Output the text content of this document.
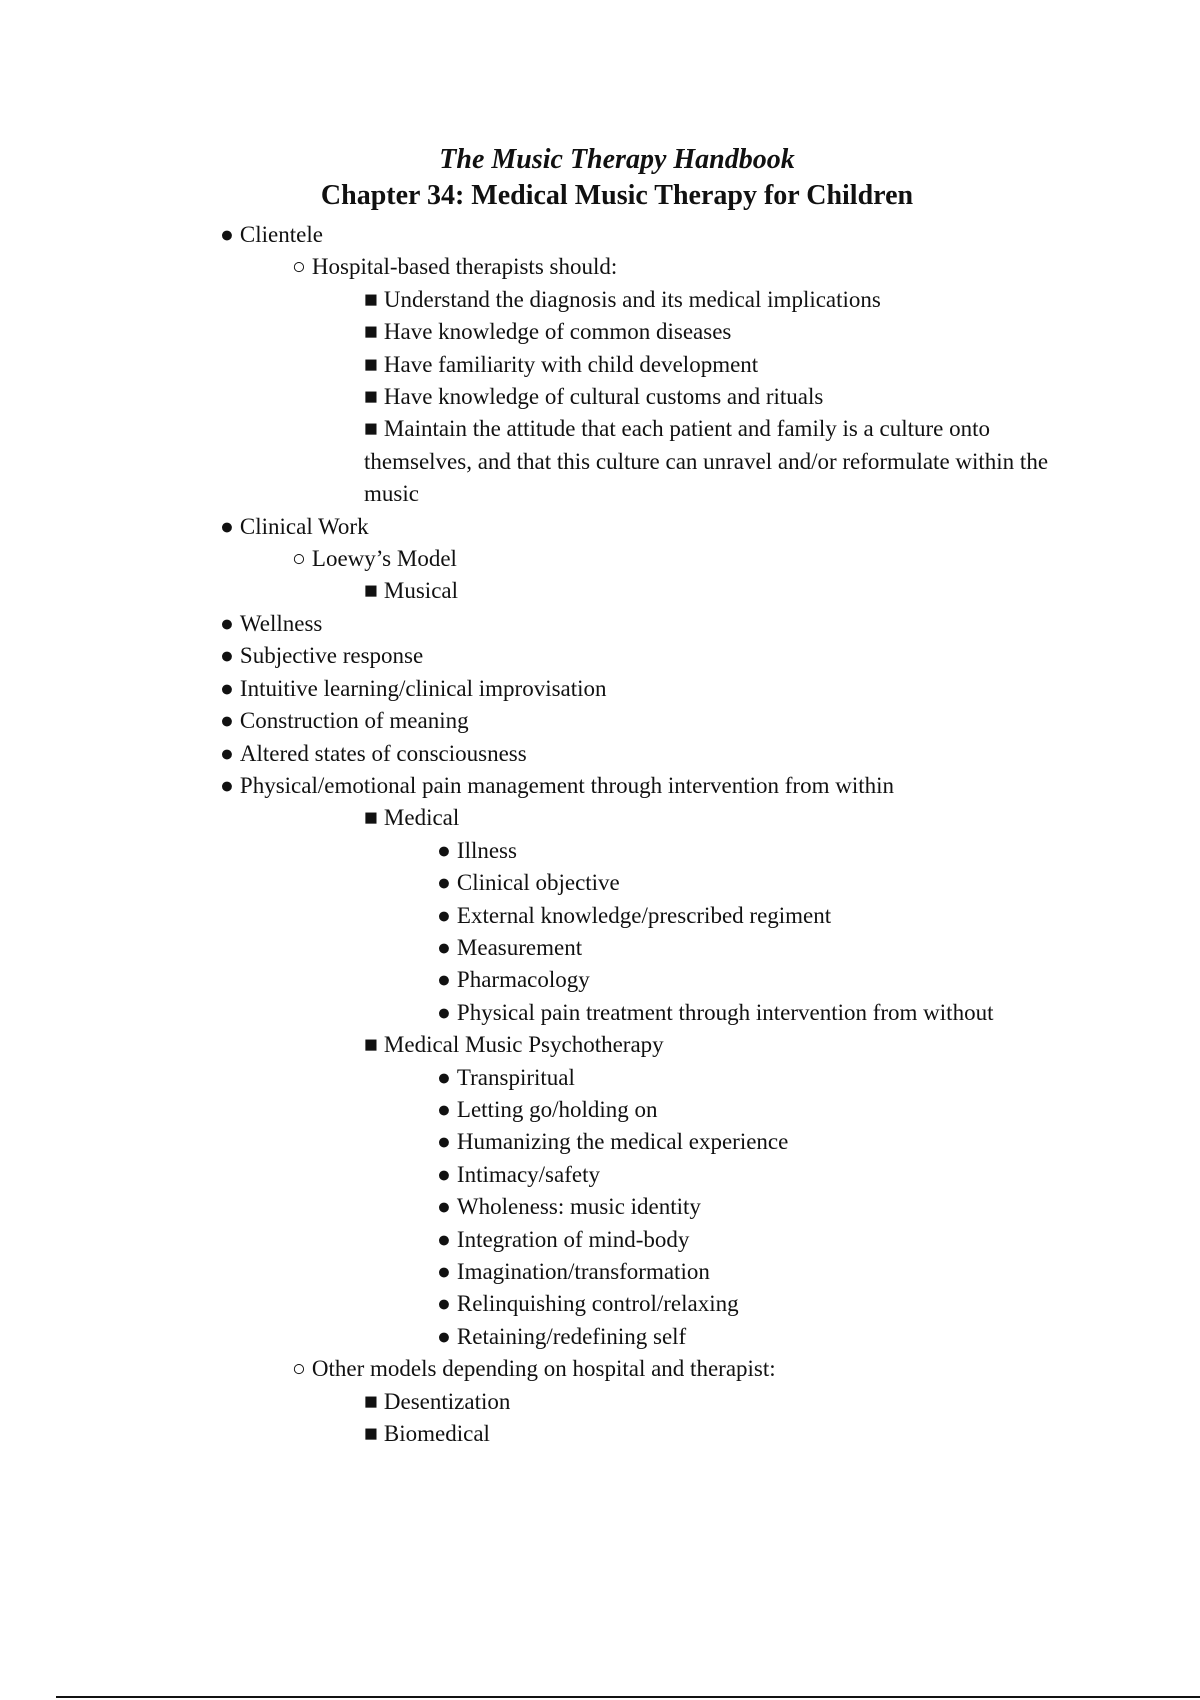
The Music Therapy Handbook
Chapter 34: Medical Music Therapy for Children
● Clientele
○ Hospital-based therapists should:
■ Understand the diagnosis and its medical implications
■ Have knowledge of common diseases
■ Have familiarity with child development
■ Have knowledge of cultural customs and rituals
■ Maintain the attitude that each patient and family is a culture onto themselves, and that this culture can unravel and/or reformulate within the music
● Clinical Work
○ Loewy’s Model
■ Musical
● Wellness
● Subjective response
● Intuitive learning/clinical improvisation
● Construction of meaning
● Altered states of consciousness
● Physical/emotional pain management through intervention from within
■ Medical
● Illness
● Clinical objective
● External knowledge/prescribed regiment
● Measurement
● Pharmacology
● Physical pain treatment through intervention from without
■ Medical Music Psychotherapy
● Transpiritual
● Letting go/holding on
● Humanizing the medical experience
● Intimacy/safety
● Wholeness: music identity
● Integration of mind-body
● Imagination/transformation
● Relinquishing control/relaxing
● Retaining/redefining self
○ Other models depending on hospital and therapist:
■ Desentization
■ Biomedical
